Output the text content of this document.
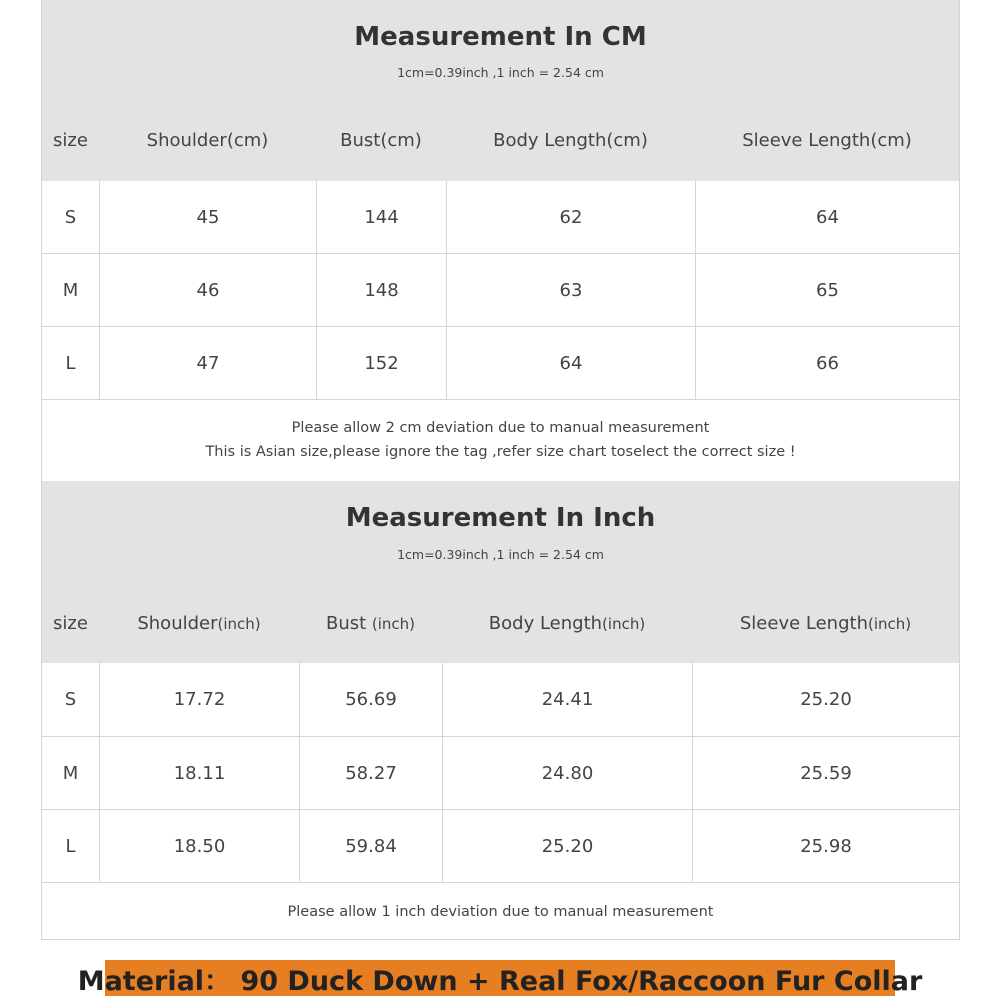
Measurement In CM
1cm=0.39inch ,1 inch = 2.54 cm
size	Shoulder(cm)	Bust(cm)	Body Length(cm)	Sleeve Length(cm)
S	45	144	62	64
M	46	148	63	65
L	47	152	64	66
Please allow 2 cm deviation due to manual measurement
This is Asian size,please ignore the tag ,refer size chart toselect the correct size !
Measurement In Inch
1cm=0.39inch ,1 inch = 2.54 cm
size	Shoulder(inch)	Bust (inch)	Body Length(inch)	Sleeve Length(inch)
S	17.72	56.69	24.41	25.20
M	18.11	58.27	24.80	25.59
L	18.50	59.84	25.20	25.98
Please allow 1 inch deviation due to manual measurement
Material： 90 Duck Down + Real Fox/Raccoon Fur Collar
